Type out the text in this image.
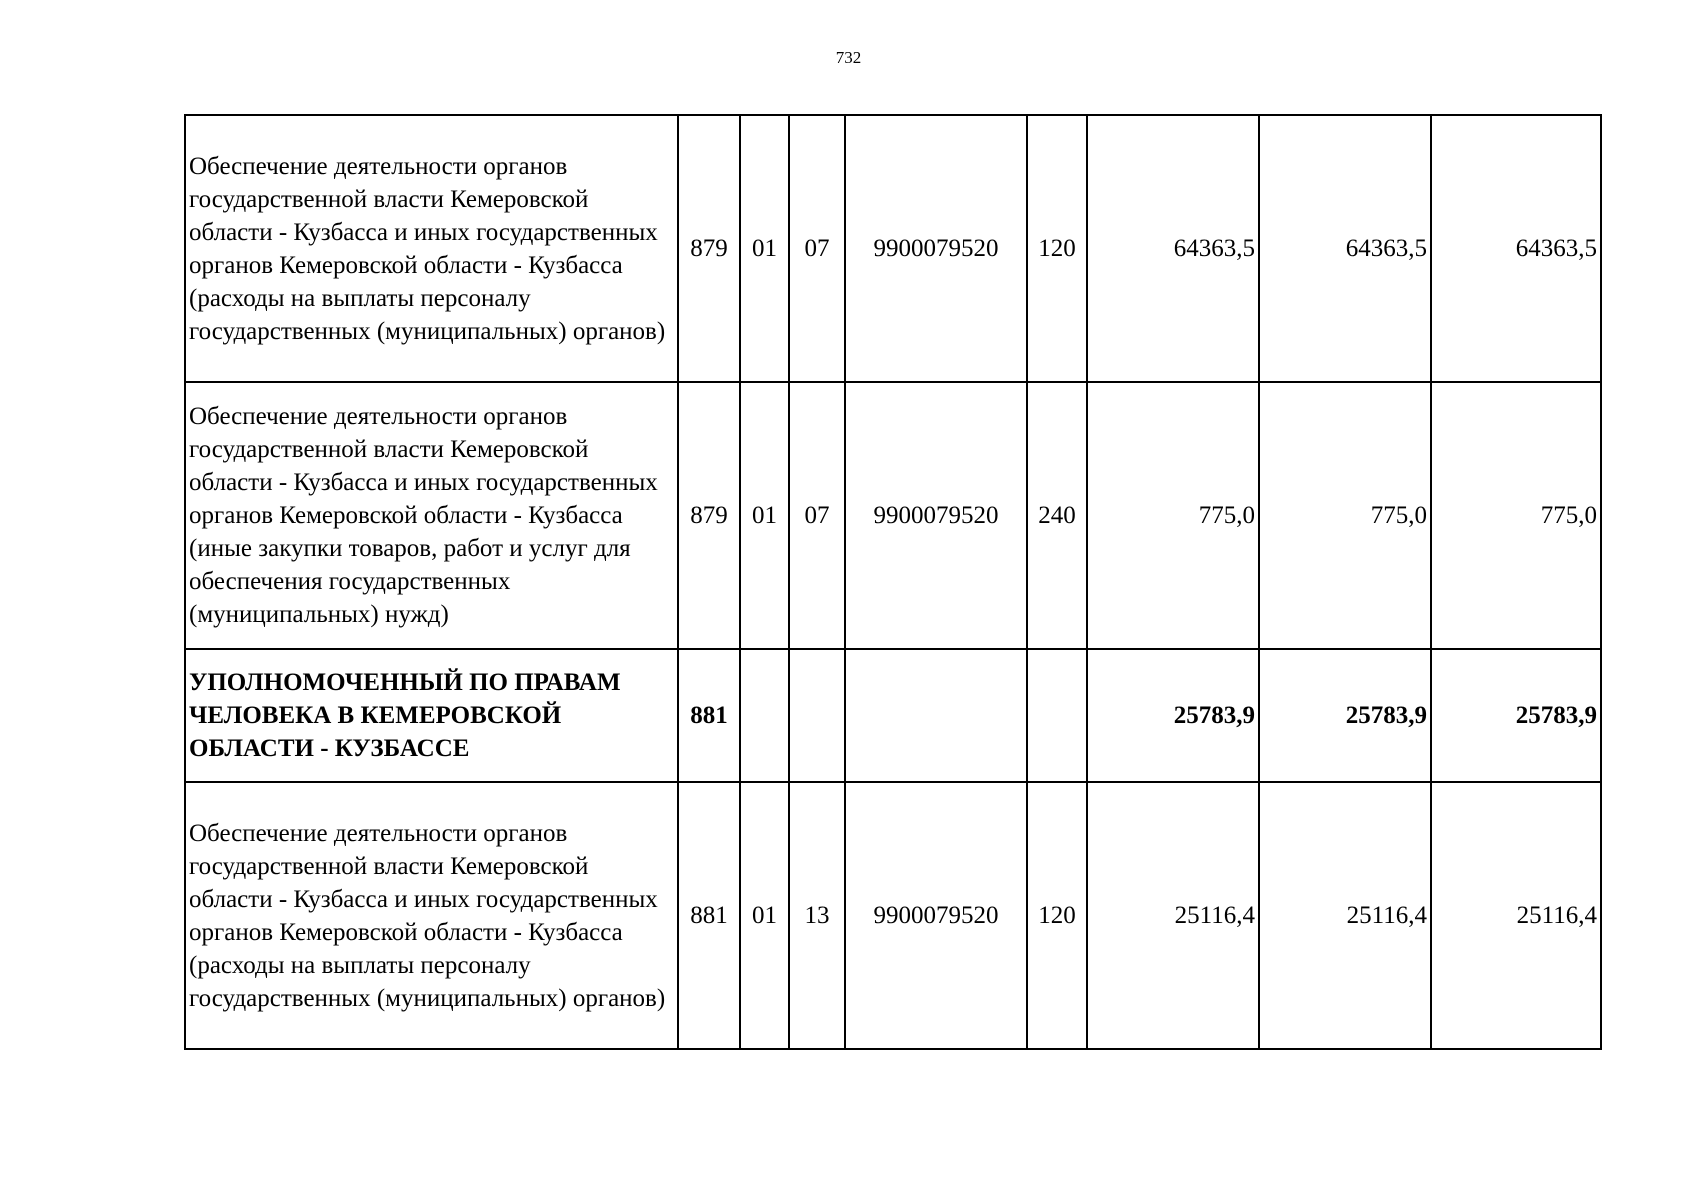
732
Обеспечение деятельности органов государственной власти Кемеровской области - Кузбасса и иных государственных органов Кемеровской области - Кузбасса (расходы на выплаты персоналу государственных (муниципальных) органов)	879	01	07	9900079520	120	64363,5	64363,5	64363,5
Обеспечение деятельности органов государственной власти Кемеровской области - Кузбасса и иных государственных органов Кемеровской области - Кузбасса (иные закупки товаров, работ и услуг для обеспечения государственных (муниципальных) нужд)	879	01	07	9900079520	240	775,0	775,0	775,0
УПОЛНОМОЧЕННЫЙ ПО ПРАВАМ ЧЕЛОВЕКА В КЕМЕРОВСКОЙ ОБЛАСТИ - КУЗБАССЕ	881					25783,9	25783,9	25783,9
Обеспечение деятельности органов государственной власти Кемеровской области - Кузбасса и иных государственных органов Кемеровской области - Кузбасса (расходы на выплаты персоналу государственных (муниципальных) органов)	881	01	13	9900079520	120	25116,4	25116,4	25116,4
